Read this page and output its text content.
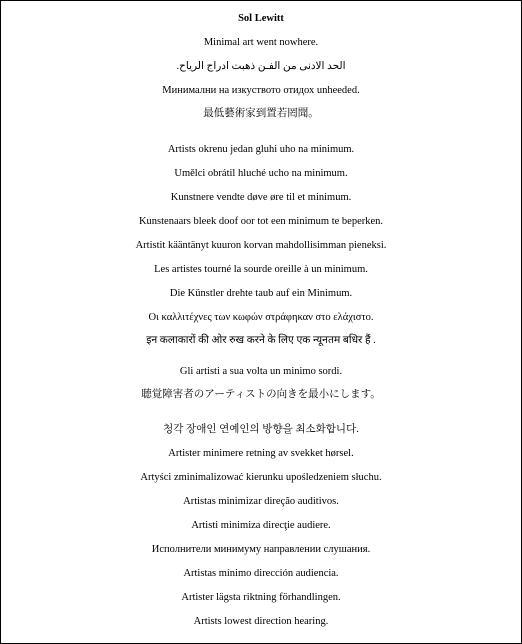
Sol Lewitt
Minimal art went nowhere.
الحد الادنى من الفـن ذهبت ادراج الرياح.
Минимални на изкуството отидох unheeded.
最低藝術家到置若罔聞。
Artists okrenu jedan gluhi uho na minimum.
Umělci obrátil hluché ucho na minimum.
Kunstnere vendte døve øre til et minimum.
Kunstenaars bleek doof oor tot een minimum te beperken.
Artistit kääntänyt kuuron korvan mahdollisimman pieneksi.
Les artistes tourné la sourde oreille à un minimum.
Die Künstler drehte taub auf ein Minimum.
Οι καλλιτέχνες των κωφών στράφηκαν στο ελάχιστο.
इन कलाकारों की ओर रुख करने के लिए एक न्यूनतम बधिर हैं .
Gli artisti a sua volta un minimo sordi.
聴覚障害者のアーティストの向きを最小にします。
청각 장애인 연예인의 방향을 최소화합니다.
Artister minimere retning av svekket hørsel.
Artyści zminimalizować kierunku upośledzeniem słuchu.
Artistas minimizar direção auditivos.
Artisti minimiza direcţie audiere.
Исполнители минимуму направлении слушания.
Artistas mínimo dirección audiencia.
Artister lägsta riktning förhandlingen.
Artists lowest direction hearing.
